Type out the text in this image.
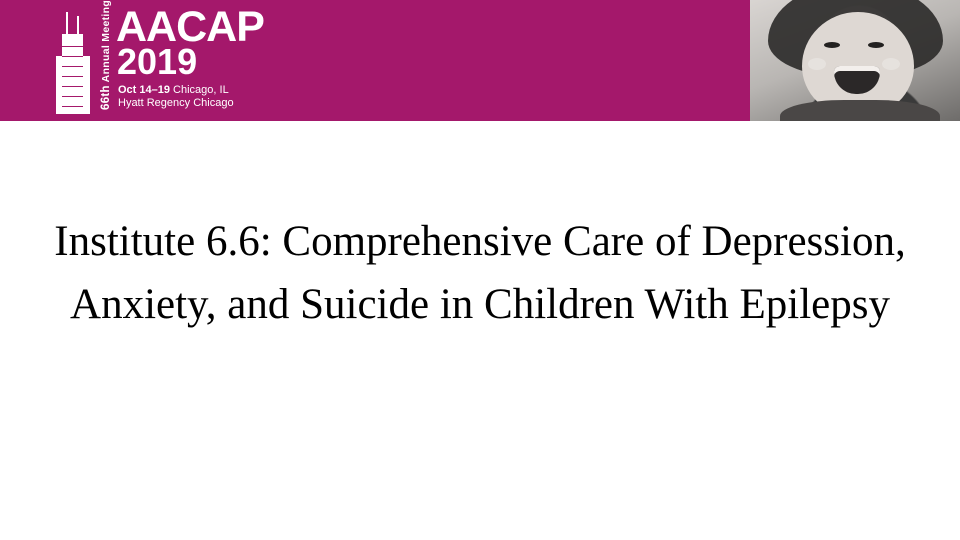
66th Annual Meeting AACAP
2019
Oct 14–19 Chicago, IL
Hyatt Regency Chicago
Institute 6.6: Comprehensive Care of Depression, Anxiety, and Suicide in Children With Epilepsy
